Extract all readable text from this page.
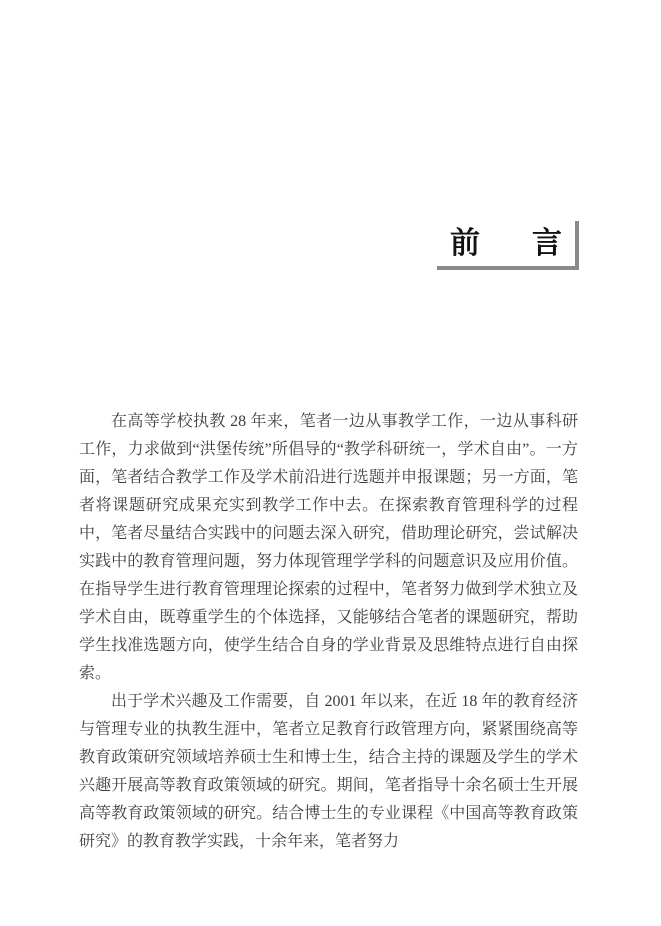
前 言

在高等学校执教 28 年来，笔者一边从事教学工作，一边从事科研工作，力求做到“洪堡传统”所倡导的“教学科研统一，学术自由”。一方面，笔者结合教学工作及学术前沿进行选题并申报课题；另一方面，笔者将课题研究成果充实到教学工作中去。在探索教育管理科学的过程中，笔者尽量结合实践中的问题去深入研究，借助理论研究，尝试解决实践中的教育管理问题，努力体现管理学学科的问题意识及应用价值。在指导学生进行教育管理理论探索的过程中，笔者努力做到学术独立及学术自由，既尊重学生的个体选择，又能够结合笔者的课题研究，帮助学生找准选题方向，使学生结合自身的学业背景及思维特点进行自由探索。

出于学术兴趣及工作需要，自 2001 年以来，在近 18 年的教育经济与管理专业的执教生涯中，笔者立足教育行政管理方向，紧紧围绕高等教育政策研究领域培养硕士生和博士生，结合主持的课题及学生的学术兴趣开展高等教育政策领域的研究。期间，笔者指导十余名硕士生开展高等教育政策领域的研究。结合博士生的专业课程《中国高等教育政策研究》的教育教学实践，十余年来，笔者努力
